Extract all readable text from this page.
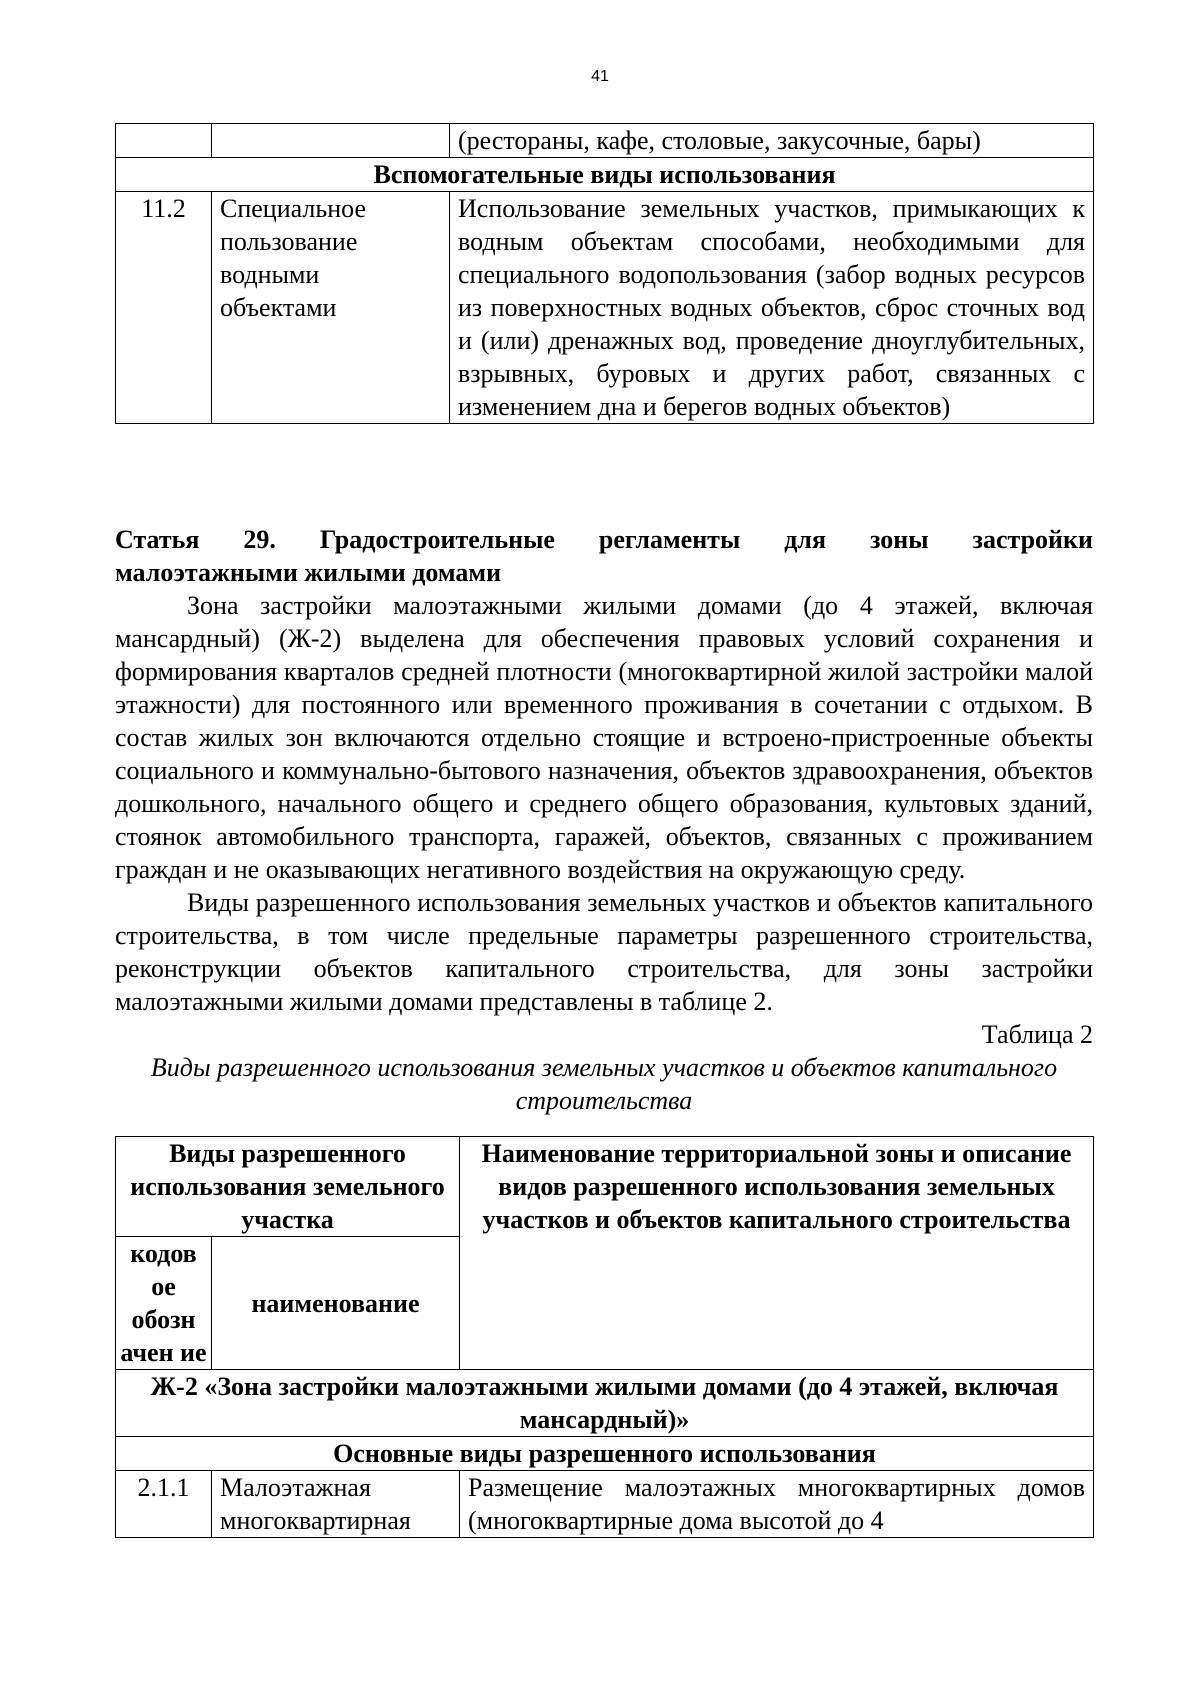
41
		(рестораны, кафе, столовые, закусочные, бары)
Вспомогательные виды использования		
11.2	Специальное пользование водными объектами	Использование земельных участков, примыкающих к водным объектам способами, необходимыми для специального водопользования (забор водных ресурсов из поверхностных водных объектов, сброс сточных вод и (или) дренажных вод, проведение дноуглубительных, взрывных, буровых и других работ, связанных с изменением дна и берегов водных объектов)

Статья 29. Градостроительные регламенты для зоны застройки
малоэтажными жилыми домами

Зона застройки малоэтажными жилыми домами (до 4 этажей, включая мансардный) (Ж-2) выделена для обеспечения правовых условий сохранения и формирования кварталов средней плотности (многоквартирной жилой застройки малой этажности) для постоянного или временного проживания в сочетании с отдыхом. В состав жилых зон включаются отдельно стоящие и встроено-пристроенные объекты социального и коммунально-бытового назначения, объектов здравоохранения, объектов дошкольного, начального общего и среднего общего образования, культовых зданий, стоянок автомобильного транспорта, гаражей, объектов, связанных с проживанием граждан и не оказывающих негативного воздействия на окружающую среду.

Виды разрешенного использования земельных участков и объектов капитального строительства, в том числе предельные параметры разрешенного строительства, реконструкции объектов капитального строительства, для зоны застройки малоэтажными жилыми домами представлены в таблице 2.

Таблица 2

Виды разрешенного использования земельных участков и объектов капитального строительства

Виды разрешенного использования земельного участка		Наименование территориальной зоны и описание видов разрешенного использования земельных участков и объектов капитального строительства
кодов ое обозн ачен ие	наименование	
Ж-2 «Зона застройки малоэтажными жилыми домами (до 4 этажей, включая мансардный)»		
Основные виды разрешенного использования		
2.1.1	Малоэтажная многоквартирная	Размещение малоэтажных многоквартирных домов (многоквартирные дома высотой до 4
